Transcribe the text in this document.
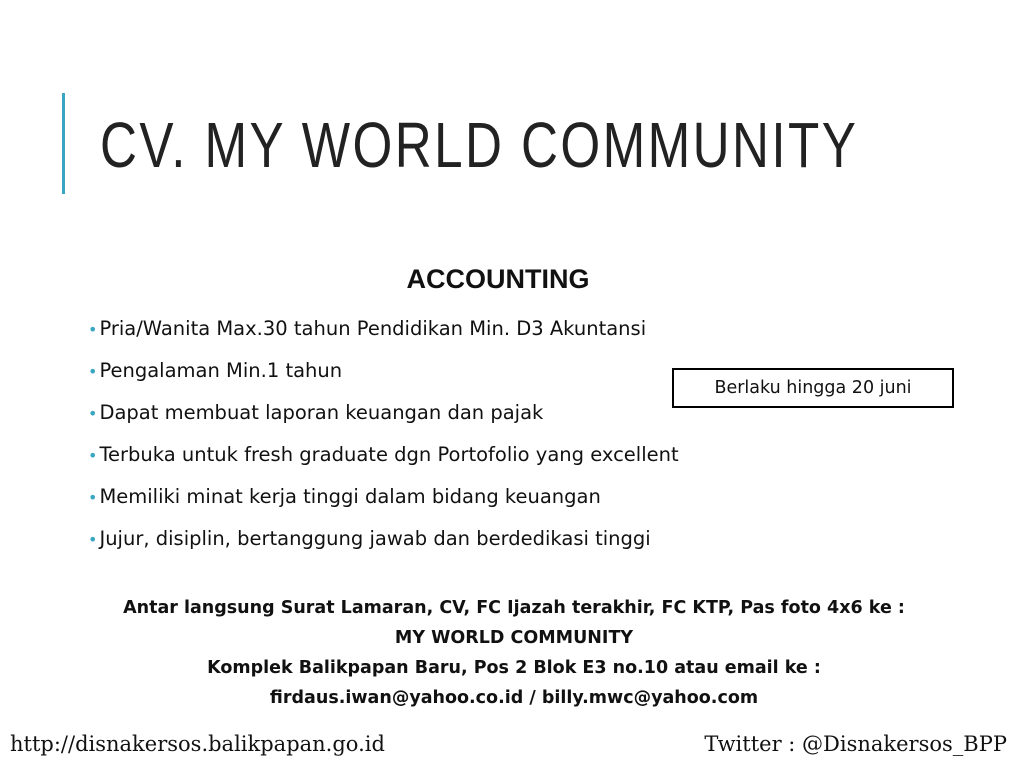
CV. MY WORLD COMMUNITY
ACCOUNTING
• Pria/Wanita Max.30 tahun Pendidikan Min. D3 Akuntansi
• Pengalaman Min.1 tahun
• Dapat membuat laporan keuangan dan pajak
• Terbuka untuk fresh graduate dgn Portofolio yang excellent
• Memiliki minat kerja tinggi dalam bidang keuangan
• Jujur, disiplin, bertanggung jawab dan berdedikasi tinggi
Berlaku hingga 20 juni
Antar langsung Surat Lamaran, CV, FC Ijazah terakhir, FC KTP, Pas foto 4x6 ke :
MY WORLD COMMUNITY
Komplek Balikpapan Baru, Pos 2 Blok E3 no.10 atau email ke :
firdaus.iwan@yahoo.co.id / billy.mwc@yahoo.com
http://disnakersos.balikpapan.go.id	Twitter : @Disnakersos_BPP
